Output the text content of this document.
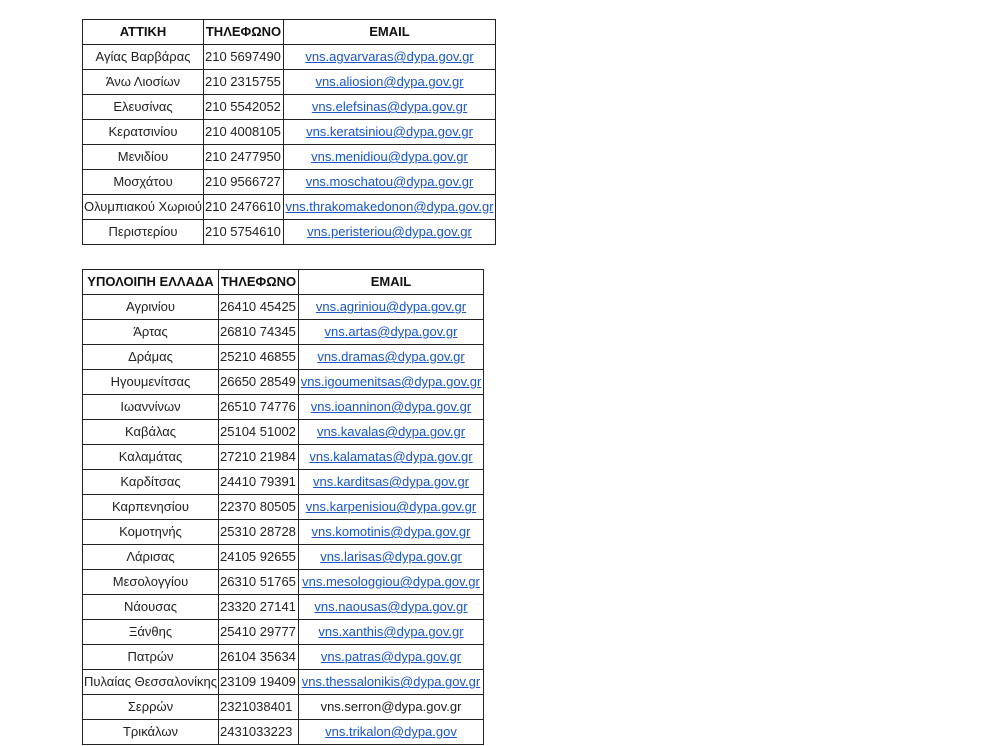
ΑΤΤΙΚΗ	ΤΗΛΕΦΩΝΟ	EMAIL
Αγίας Βαρβάρας	210 5697490	vns.agvarvaras@dypa.gov.gr
Άνω Λιοσίων	210 2315755	vns.aliosion@dypa.gov.gr
Ελευσίνας	210 5542052	vns.elefsinas@dypa.gov.gr
Κερατσινίου	210 4008105	vns.keratsiniou@dypa.gov.gr
Μενιδίου	210 2477950	vns.menidiou@dypa.gov.gr
Μοσχάτου	210 9566727	vns.moschatou@dypa.gov.gr
Ολυμπιακού Χωριού	210 2476610	vns.thrakomakedonon@dypa.gov.gr
Περιστερίου	210 5754610	vns.peristeriou@dypa.gov.gr
ΥΠΟΛΟΙΠΗ ΕΛΛΑΔΑ	ΤΗΛΕΦΩΝΟ	EMAIL
Αγρινίου	26410 45425	vns.agriniou@dypa.gov.gr
Άρτας	26810 74345	vns.artas@dypa.gov.gr
Δράμας	25210 46855	vns.dramas@dypa.gov.gr
Ηγουμενίτσας	26650 28549	vns.igoumenitsas@dypa.gov.gr
Ιωαννίνων	26510 74776	vns.ioanninon@dypa.gov.gr
Καβάλας	25104 51002	vns.kavalas@dypa.gov.gr
Καλαμάτας	27210 21984	vns.kalamatas@dypa.gov.gr
Καρδίτσας	24410 79391	vns.karditsas@dypa.gov.gr
Καρπενησίου	22370 80505	vns.karpenisiou@dypa.gov.gr
Κομοτηνής	25310 28728	vns.komotinis@dypa.gov.gr
Λάρισας	24105 92655	vns.larisas@dypa.gov.gr
Μεσολογγίου	26310 51765	vns.mesologgiou@dypa.gov.gr
Νάουσας	23320 27141	vns.naousas@dypa.gov.gr
Ξάνθης	25410 29777	vns.xanthis@dypa.gov.gr
Πατρών	26104 35634	vns.patras@dypa.gov.gr
Πυλαίας Θεσσαλονίκης	23109 19409	vns.thessalonikis@dypa.gov.gr
Σερρών	2321038401	vns.serron@dypa.gov.gr
Τρικάλων	2431033223	vns.trikalon@dypa.gov
